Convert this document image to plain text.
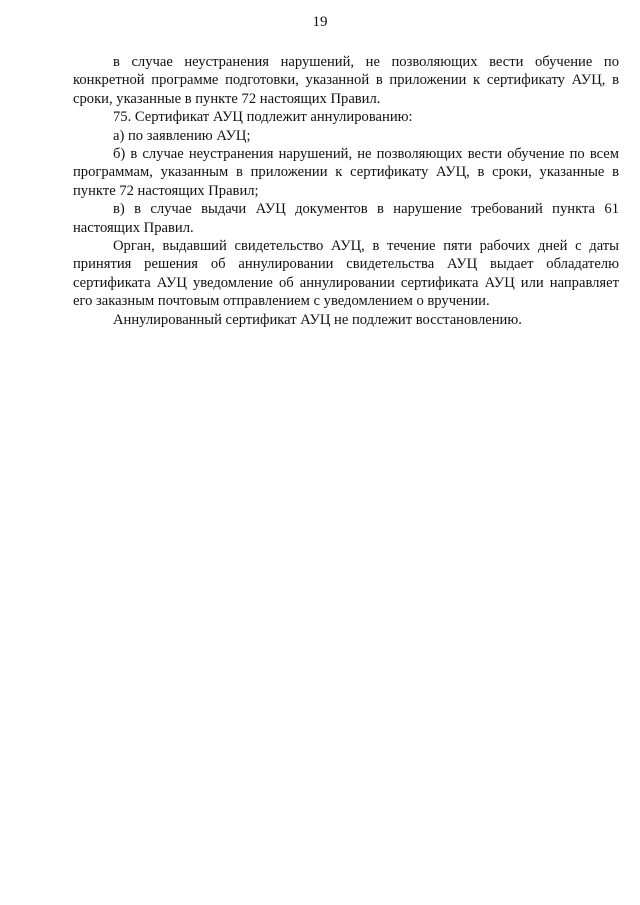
19

в случае неустранения нарушений, не позволяющих вести обучение по конкретной программе подготовки, указанной в приложении к сертификату АУЦ, в сроки, указанные в пункте 72 настоящих Правил.

75. Сертификат АУЦ подлежит аннулированию:

а) по заявлению АУЦ;

б) в случае неустранения нарушений, не позволяющих вести обучение по всем программам, указанным в приложении к сертификату АУЦ, в сроки, указанные в пункте 72 настоящих Правил;

в) в случае выдачи АУЦ документов в нарушение требований пункта 61 настоящих Правил.

Орган, выдавший свидетельство АУЦ, в течение пяти рабочих дней с даты принятия решения об аннулировании свидетельства АУЦ выдает обладателю сертификата АУЦ уведомление об аннулировании сертификата АУЦ или направляет его заказным почтовым отправлением с уведомлением о вручении.

Аннулированный сертификат АУЦ не подлежит восстановлению.
